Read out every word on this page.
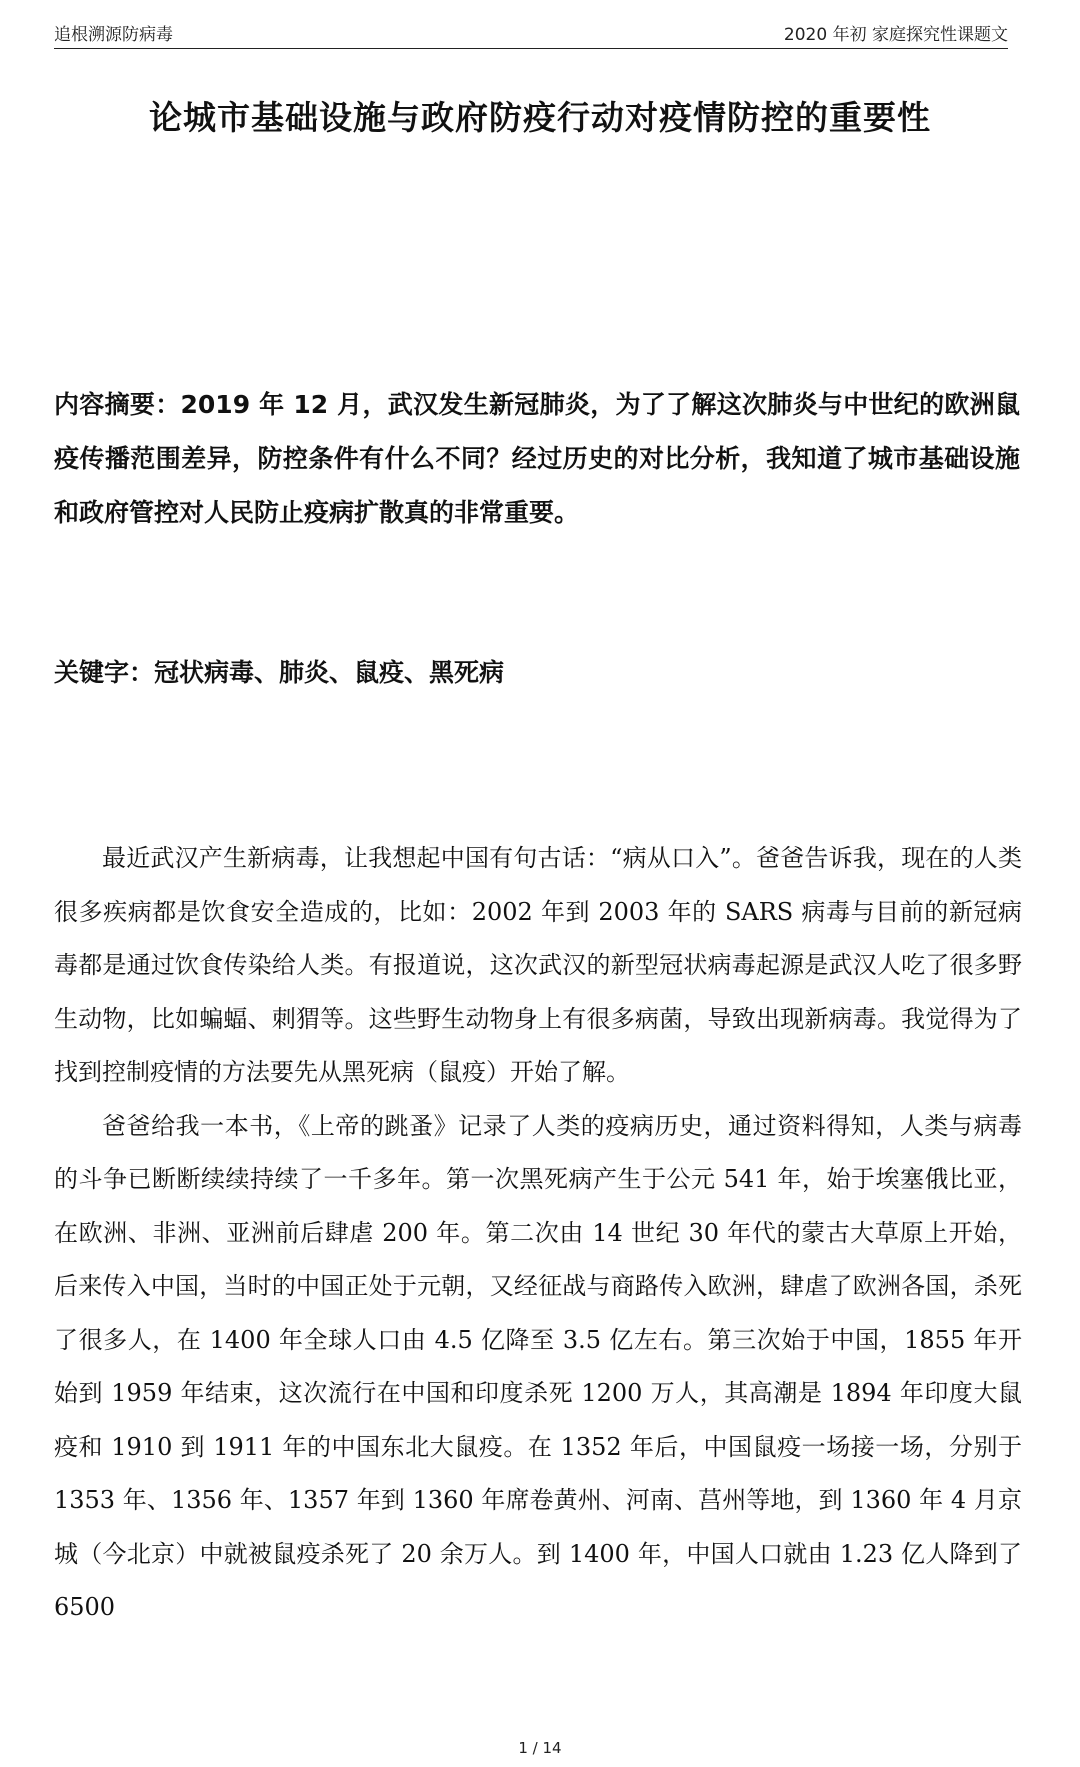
追根溯源防病毒	2020 年初 家庭探究性课题文
论城市基础设施与政府防疫行动对疫情防控的重要性
内容摘要：2019 年 12 月，武汉发生新冠肺炎，为了了解这次肺炎与中世纪的欧洲鼠疫传播范围差异，防控条件有什么不同？经过历史的对比分析，我知道了城市基础设施和政府管控对人民防止疫病扩散真的非常重要。
关键字：冠状病毒、肺炎、鼠疫、黑死病

最近武汉产生新病毒，让我想起中国有句古话：“病从口入”。爸爸告诉我，现在的人类很多疾病都是饮食安全造成的，比如：2002 年到 2003 年的 SARS 病毒与目前的新冠病毒都是通过饮食传染给人类。有报道说，这次武汉的新型冠状病毒起源是武汉人吃了很多野生动物，比如蝙蝠、刺猬等。这些野生动物身上有很多病菌，导致出现新病毒。我觉得为了找到控制疫情的方法要先从黑死病（鼠疫）开始了解。

爸爸给我一本书，《上帝的跳蚤》记录了人类的疫病历史，通过资料得知，人类与病毒的斗争已断断续续持续了一千多年。第一次黑死病产生于公元 541 年，始于埃塞俄比亚，在欧洲、非洲、亚洲前后肆虐 200 年。第二次由 14 世纪 30 年代的蒙古大草原上开始，后来传入中国，当时的中国正处于元朝，又经征战与商路传入欧洲，肆虐了欧洲各国，杀死了很多人，在 1400 年全球人口由 4.5 亿降至 3.5 亿左右。第三次始于中国，1855 年开始到 1959 年结束，这次流行在中国和印度杀死 1200 万人，其高潮是 1894 年印度大鼠疫和 1910 到 1911 年的中国东北大鼠疫。在 1352 年后，中国鼠疫一场接一场，分别于 1353 年、1356 年、1357 年到 1360 年席卷黄州、河南、莒州等地，到 1360 年 4 月京城（今北京）中就被鼠疫杀死了 20 余万人。到 1400 年，中国人口就由 1.23 亿人降到了 6500

1 / 14
